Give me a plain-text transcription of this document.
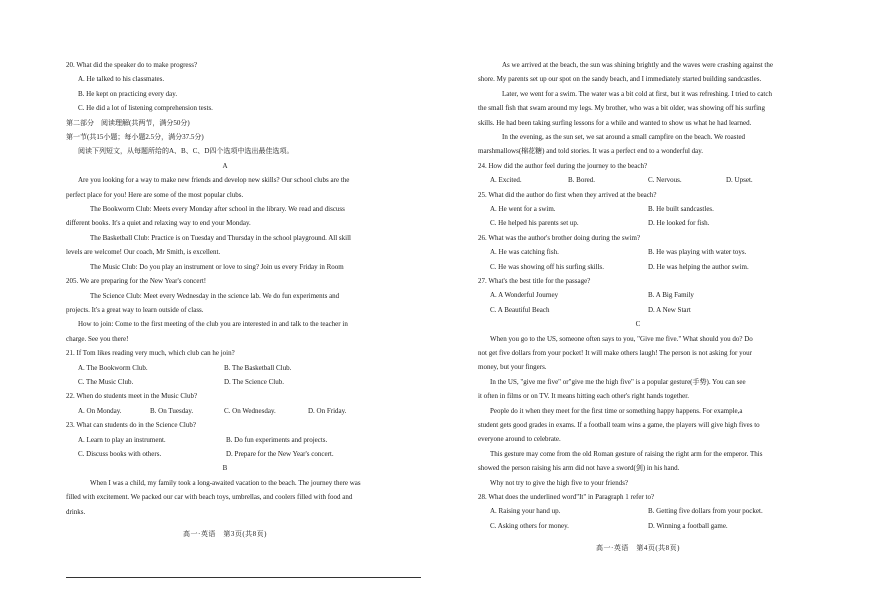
20. What did the speaker do to make progress?
A. He talked to his classmates.
B. He kept on practicing every day.
C. He did a lot of listening comprehension tests.
第二部分　阅读理解(共两节，满分50分)
第一节(共15小题；每小题2.5分，满分37.5分)
阅读下列短文，从每题所给的A、B、C、D四个选项中选出最佳选项。
A
Are you looking for a way to make new friends and develop new skills? Our school clubs are the
perfect place for you! Here are some of the most popular clubs.
The Bookworm Club: Meets every Monday after school in the library. We read and discuss
different books. It's a quiet and relaxing way to end your Monday.
The Basketball Club: Practice is on Tuesday and Thursday in the school playground. All skill
levels are welcome! Our coach, Mr Smith, is excellent.
The Music Club: Do you play an instrument or love to sing? Join us every Friday in Room
205. We are preparing for the New Year's concert!
The Science Club: Meet every Wednesday in the science lab. We do fun experiments and
projects. It's a great way to learn outside of class.
How to join: Come to the first meeting of the club you are interested in and talk to the teacher in
charge. See you there!
21. If Tom likes reading very much, which club can he join?
A. The Bookworm Club.	B. The Basketball Club.
C. The Music Club.	D. The Science Club.
22. When do students meet in the Music Club?
A. On Monday.	B. On Tuesday.	C. On Wednesday.	D. On Friday.
23. What can students do in the Science Club?
A. Learn to play an instrument.	B. Do fun experiments and projects.
C. Discuss books with others.	D. Prepare for the New Year's concert.
B
When I was a child, my family took a long-awaited vacation to the beach. The journey there was
filled with excitement. We packed our car with beach toys, umbrellas, and coolers filled with food and
drinks.
高一·英语　第3页(共8页)
As we arrived at the beach, the sun was shining brightly and the waves were crashing against the
shore. My parents set up our spot on the sandy beach, and I immediately started building sandcastles.
Later, we went for a swim. The water was a bit cold at first, but it was refreshing. I tried to catch
the small fish that swam around my legs. My brother, who was a bit older, was showing off his surfing
skills. He had been taking surfing lessons for a while and wanted to show us what he had learned.
In the evening, as the sun set, we sat around a small campfire on the beach. We roasted
marshmallows(棉花糖) and told stories. It was a perfect end to a wonderful day.
24. How did the author feel during the journey to the beach?
A. Excited.	B. Bored.	C. Nervous.	D. Upset.
25. What did the author do first when they arrived at the beach?
A. He went for a swim.	B. He built sandcastles.
C. He helped his parents set up.	D. He looked for fish.
26. What was the author's brother doing during the swim?
A. He was catching fish.	B. He was playing with water toys.
C. He was showing off his surfing skills.	D. He was helping the author swim.
27. What's the best title for the passage?
A. A Wonderful Journey	B. A Big Family
C. A Beautiful Beach	D. A New Start
C
When you go to the US, someone often says to you, "Give me five." What should you do? Do
not get five dollars from your pocket! It will make others laugh! The person is not asking for your
money, but your fingers.
In the US, "give me five" or"give me the high five" is a popular gesture(手势). You can see
it often in films or on TV. It means hitting each other's right hands together.
People do it when they meet for the first time or something happy happens. For example,a
student gets good grades in exams. If a football team wins a game, the players will give high fives to
everyone around to celebrate.
This gesture may come from the old Roman gesture of raising the right arm for the emperor. This
showed the person raising his arm did not have a sword(剑) in his hand.
Why not try to give the high five to your friends?
28. What does the underlined word"It" in Paragraph 1 refer to?
A. Raising your hand up.	B. Getting five dollars from your pocket.
C. Asking others for money.	D. Winning a football game.
高一·英语　第4页(共8页)
